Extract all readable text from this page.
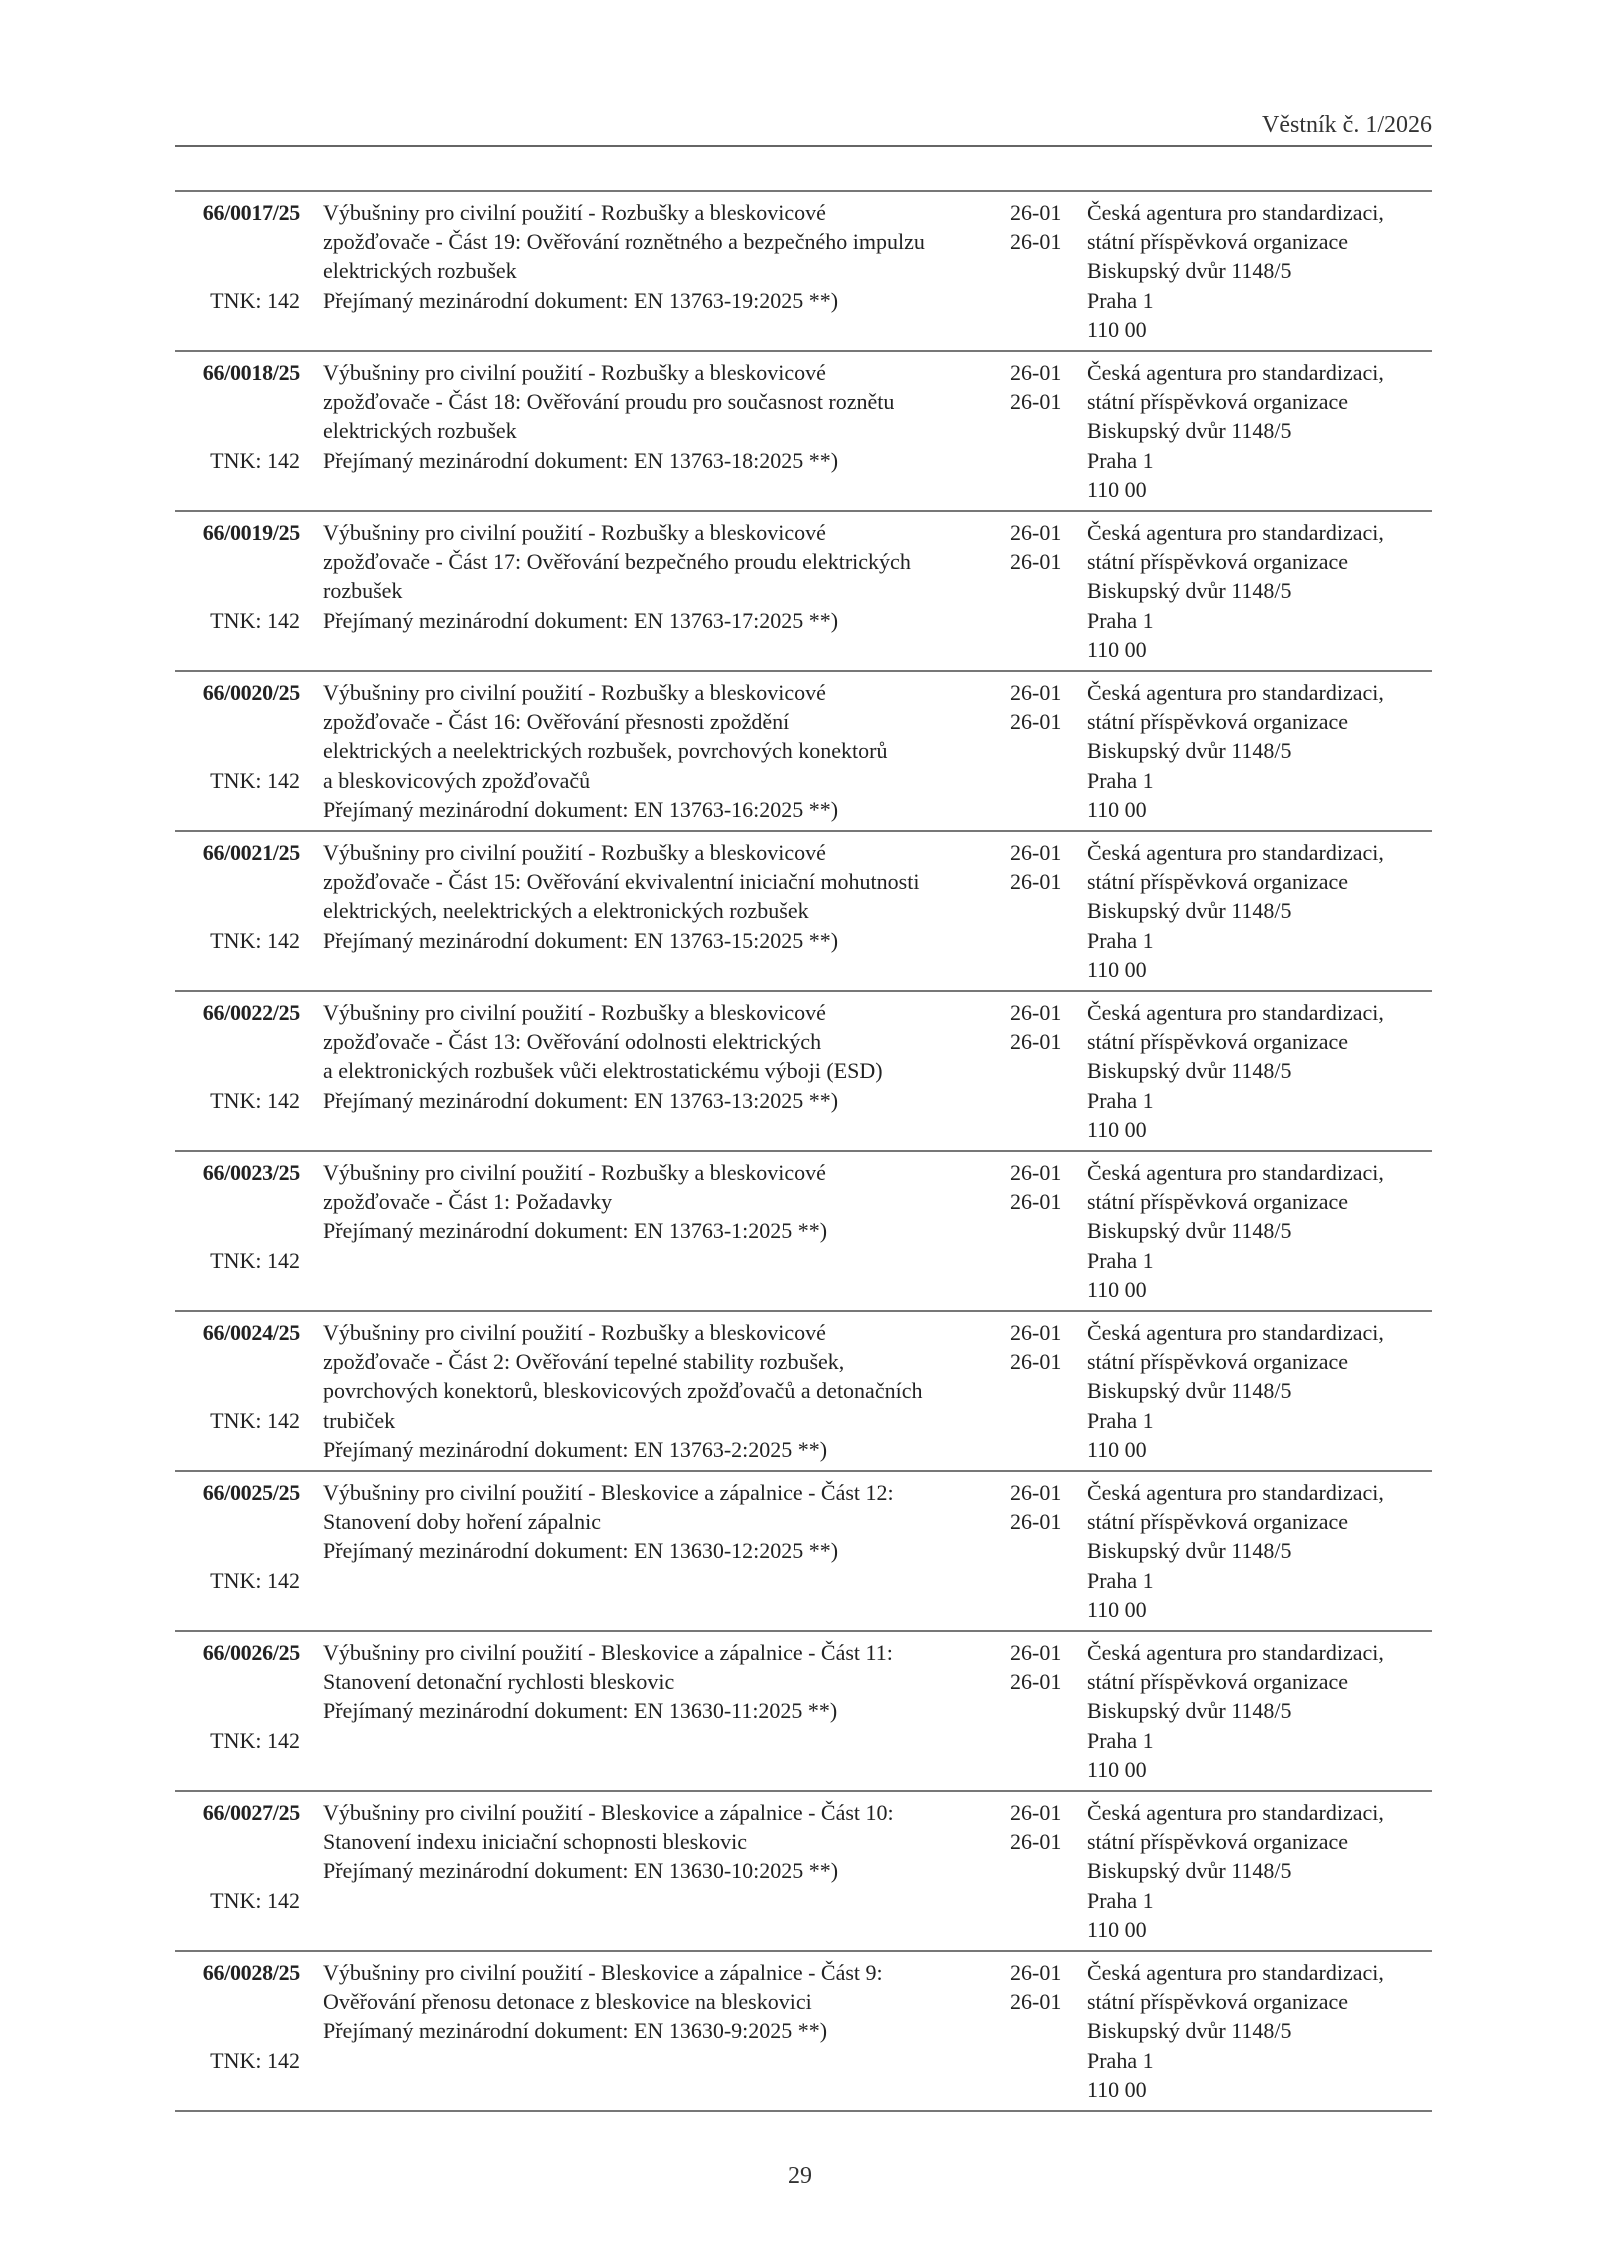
Věstník č. 1/2026
66/0017/25
TNK: 142
Výbušniny pro civilní použití - Rozbušky a bleskovicové
zpožďovače - Část 19: Ověřování roznětného a bezpečného impulzu
elektrických rozbušek
Přejímaný mezinárodní dokument: EN 13763-19:2025 **)
26-01
26-01
Česká agentura pro standardizaci,
státní příspěvková organizace
Biskupský dvůr 1148/5
Praha 1
110 00
66/0018/25
TNK: 142
Výbušniny pro civilní použití - Rozbušky a bleskovicové
zpožďovače - Část 18: Ověřování proudu pro současnost roznětu
elektrických rozbušek
Přejímaný mezinárodní dokument: EN 13763-18:2025 **)
26-01
26-01
Česká agentura pro standardizaci,
státní příspěvková organizace
Biskupský dvůr 1148/5
Praha 1
110 00
66/0019/25
TNK: 142
Výbušniny pro civilní použití - Rozbušky a bleskovicové
zpožďovače - Část 17: Ověřování bezpečného proudu elektrických
rozbušek
Přejímaný mezinárodní dokument: EN 13763-17:2025 **)
26-01
26-01
Česká agentura pro standardizaci,
státní příspěvková organizace
Biskupský dvůr 1148/5
Praha 1
110 00
66/0020/25
TNK: 142
Výbušniny pro civilní použití - Rozbušky a bleskovicové
zpožďovače - Část 16: Ověřování přesnosti zpoždění
elektrických a neelektrických rozbušek, povrchových konektorů
a bleskovicových zpožďovačů
Přejímaný mezinárodní dokument: EN 13763-16:2025 **)
26-01
26-01
Česká agentura pro standardizaci,
státní příspěvková organizace
Biskupský dvůr 1148/5
Praha 1
110 00
66/0021/25
TNK: 142
Výbušniny pro civilní použití - Rozbušky a bleskovicové
zpožďovače - Část 15: Ověřování ekvivalentní iniciační mohutnosti
elektrických, neelektrických a elektronických rozbušek
Přejímaný mezinárodní dokument: EN 13763-15:2025 **)
26-01
26-01
Česká agentura pro standardizaci,
státní příspěvková organizace
Biskupský dvůr 1148/5
Praha 1
110 00
66/0022/25
TNK: 142
Výbušniny pro civilní použití - Rozbušky a bleskovicové
zpožďovače - Část 13: Ověřování odolnosti elektrických
a elektronických rozbušek vůči elektrostatickému výboji (ESD)
Přejímaný mezinárodní dokument: EN 13763-13:2025 **)
26-01
26-01
Česká agentura pro standardizaci,
státní příspěvková organizace
Biskupský dvůr 1148/5
Praha 1
110 00
66/0023/25
TNK: 142
Výbušniny pro civilní použití - Rozbušky a bleskovicové
zpožďovače - Část 1: Požadavky
Přejímaný mezinárodní dokument: EN 13763-1:2025 **)
26-01
26-01
Česká agentura pro standardizaci,
státní příspěvková organizace
Biskupský dvůr 1148/5
Praha 1
110 00
66/0024/25
TNK: 142
Výbušniny pro civilní použití - Rozbušky a bleskovicové
zpožďovače - Část 2: Ověřování tepelné stability rozbušek,
povrchových konektorů, bleskovicových zpožďovačů a detonačních
trubiček
Přejímaný mezinárodní dokument: EN 13763-2:2025 **)
26-01
26-01
Česká agentura pro standardizaci,
státní příspěvková organizace
Biskupský dvůr 1148/5
Praha 1
110 00
66/0025/25
TNK: 142
Výbušniny pro civilní použití - Bleskovice a zápalnice - Část 12:
Stanovení doby hoření zápalnic
Přejímaný mezinárodní dokument: EN 13630-12:2025 **)
26-01
26-01
Česká agentura pro standardizaci,
státní příspěvková organizace
Biskupský dvůr 1148/5
Praha 1
110 00
66/0026/25
TNK: 142
Výbušniny pro civilní použití - Bleskovice a zápalnice - Část 11:
Stanovení detonační rychlosti bleskovic
Přejímaný mezinárodní dokument: EN 13630-11:2025 **)
26-01
26-01
Česká agentura pro standardizaci,
státní příspěvková organizace
Biskupský dvůr 1148/5
Praha 1
110 00
66/0027/25
TNK: 142
Výbušniny pro civilní použití - Bleskovice a zápalnice - Část 10:
Stanovení indexu iniciační schopnosti bleskovic
Přejímaný mezinárodní dokument: EN 13630-10:2025 **)
26-01
26-01
Česká agentura pro standardizaci,
státní příspěvková organizace
Biskupský dvůr 1148/5
Praha 1
110 00
66/0028/25
TNK: 142
Výbušniny pro civilní použití - Bleskovice a zápalnice - Část 9:
Ověřování přenosu detonace z bleskovice na bleskovici
Přejímaný mezinárodní dokument: EN 13630-9:2025 **)
26-01
26-01
Česká agentura pro standardizaci,
státní příspěvková organizace
Biskupský dvůr 1148/5
Praha 1
110 00
29
